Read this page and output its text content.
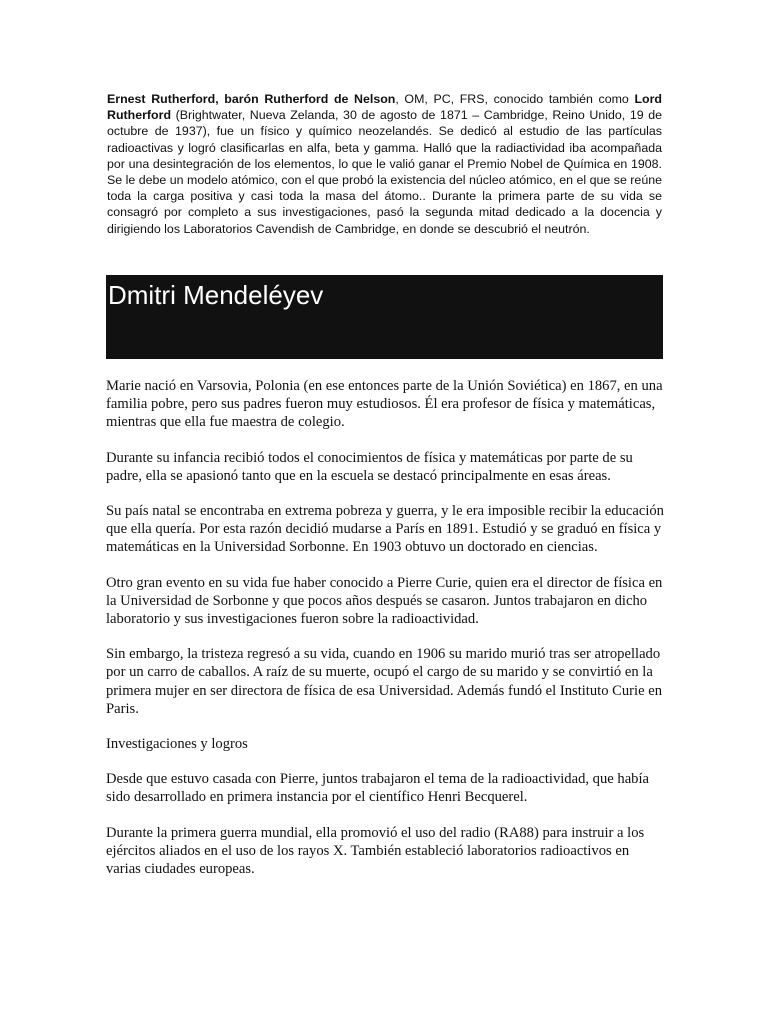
Ernest Rutherford, barón Rutherford de Nelson, OM, PC, FRS, conocido también como Lord Rutherford (Brightwater, Nueva Zelanda, 30 de agosto de 1871 – Cambridge, Reino Unido, 19 de octubre de 1937), fue un físico y químico neozelandés. Se dedicó al estudio de las partículas radioactivas y logró clasificarlas en alfa, beta y gamma. Halló que la radiactividad iba acompañada por una desintegración de los elementos, lo que le valió ganar el Premio Nobel de Química en 1908. Se le debe un modelo atómico, con el que probó la existencia del núcleo atómico, en el que se reúne toda la carga positiva y casi toda la masa del átomo.. Durante la primera parte de su vida se consagró por completo a sus investigaciones, pasó la segunda mitad dedicado a la docencia y dirigiendo los Laboratorios Cavendish de Cambridge, en donde se descubrió el neutrón.

Dmitri Mendeléyev

Marie nació en Varsovia, Polonia (en ese entonces parte de la Unión Soviética) en 1867, en una familia pobre, pero sus padres fueron muy estudiosos. Él era profesor de física y matemáticas, mientras que ella fue maestra de colegio.

Durante su infancia recibió todos el conocimientos de física y matemáticas por parte de su padre, ella se apasionó tanto que en la escuela se destacó principalmente en esas áreas.

Su país natal se encontraba en extrema pobreza y guerra, y le era imposible recibir la educación que ella quería. Por esta razón decidió mudarse a París en 1891. Estudió y se graduó en física y matemáticas en la Universidad Sorbonne. En 1903 obtuvo un doctorado en ciencias.

Otro gran evento en su vida fue haber conocido a Pierre Curie, quien era el director de física en la Universidad de Sorbonne y que pocos años después se casaron. Juntos trabajaron en dicho laboratorio y sus investigaciones fueron sobre la radioactividad.

Sin embargo, la tristeza regresó a su vida, cuando en 1906 su marido murió tras ser atropellado por un carro de caballos. A raíz de su muerte, ocupó el cargo de su marido y se convirtió en la primera mujer en ser directora de física de esa Universidad. Además fundó el Instituto Curie en Paris.

Investigaciones y logros

Desde que estuvo casada con Pierre, juntos trabajaron el tema de la radioactividad, que había sido desarrollado en primera instancia por el científico Henri Becquerel.

Durante la primera guerra mundial, ella promovió el uso del radio (RA88) para instruir a los ejércitos aliados en el uso de los rayos X. También estableció laboratorios radioactivos en varias ciudades europeas.
